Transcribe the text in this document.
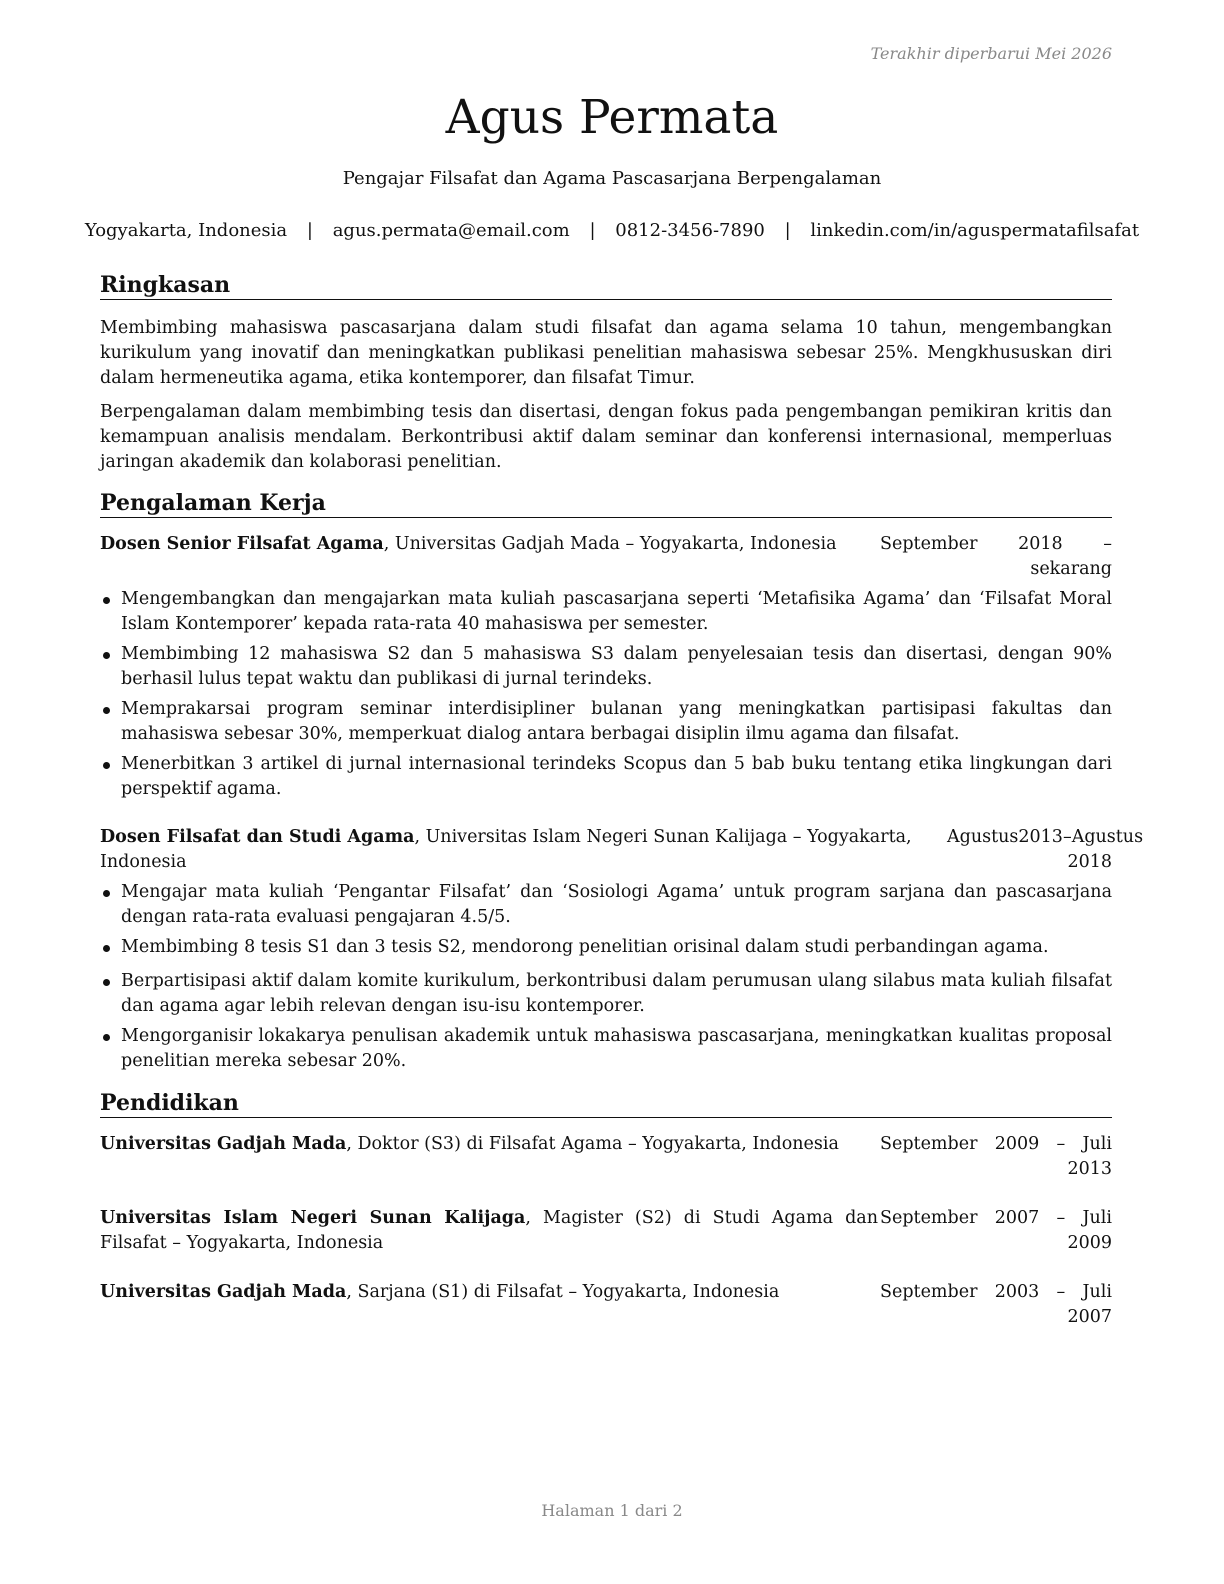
Terakhir diperbarui Mei 2026
Agus Permata
Pengajar Filsafat dan Agama Pascasarjana Berpengalaman
Yogyakarta, Indonesia | agus.permata@email.com | 0812-3456-7890 | linkedin.com/in/aguspermatafilsafat
Ringkasan

Membimbing mahasiswa pascasarjana dalam studi filsafat dan agama selama 10 tahun, mengembangkan kurikulum yang inovatif dan meningkatkan publikasi penelitian mahasiswa sebesar 25%. Mengkhususkan diri dalam hermeneutika agama, etika kontemporer, dan filsafat Timur.

Berpengalaman dalam membimbing tesis dan disertasi, dengan fokus pada pengembangan pemikiran kritis dan kemampuan analisis mendalam. Berkontribusi aktif dalam seminar dan konferensi internasional, memperluas jaringan akademik dan kolaborasi penelitian.

Pengalaman Kerja
Dosen Senior Filsafat Agama, Universitas Gadjah Mada – Yogyakarta, Indonesia	September 2018 –
sekarang
Mengembangkan dan mengajarkan mata kuliah pascasarjana seperti ‘Metafisika Agama’ dan ‘Filsafat Moral Islam Kontemporer’ kepada rata-rata 40 mahasiswa per semester.
Membimbing 12 mahasiswa S2 dan 5 mahasiswa S3 dalam penyelesaian tesis dan disertasi, dengan 90% berhasil lulus tepat waktu dan publikasi di jurnal terindeks.
Memprakarsai program seminar interdisipliner bulanan yang meningkatkan partisipasi fakultas dan mahasiswa sebesar 30%, memperkuat dialog antara berbagai disiplin ilmu agama dan filsafat.
Menerbitkan 3 artikel di jurnal internasional terindeks Scopus dan 5 bab buku tentang etika lingkungan dari perspektif agama.
Dosen Filsafat dan Studi Agama, Universitas Islam Negeri Sunan Kalijaga – Yogyakarta, Indonesia
Agustus 2013 – Agustus
2018
Mengajar mata kuliah ‘Pengantar Filsafat’ dan ‘Sosiologi Agama’ untuk program sarjana dan pascasarjana dengan rata-rata evaluasi pengajaran 4.5/5.
Membimbing 8 tesis S1 dan 3 tesis S2, mendorong penelitian orisinal dalam studi perbandingan agama.
Berpartisipasi aktif dalam komite kurikulum, berkontribusi dalam perumusan ulang silabus mata kuliah filsafat dan agama agar lebih relevan dengan isu-isu kontemporer.
Mengorganisir lokakarya penulisan akademik untuk mahasiswa pascasarjana, meningkatkan kualitas proposal penelitian mereka sebesar 20%.
Pendidikan
Universitas Gadjah Mada, Doktor (S3) di Filsafat Agama – Yogyakarta, Indonesia	September 2009 – Juli
2013
Universitas Islam Negeri Sunan Kalijaga, Magister (S2) di Studi Agama dan Filsafat – Yogyakarta, Indonesia
September 2007 – Juli
2009
Universitas Gadjah Mada, Sarjana (S1) di Filsafat – Yogyakarta, Indonesia	September 2003 – Juli
2007
Halaman 1 dari 2
